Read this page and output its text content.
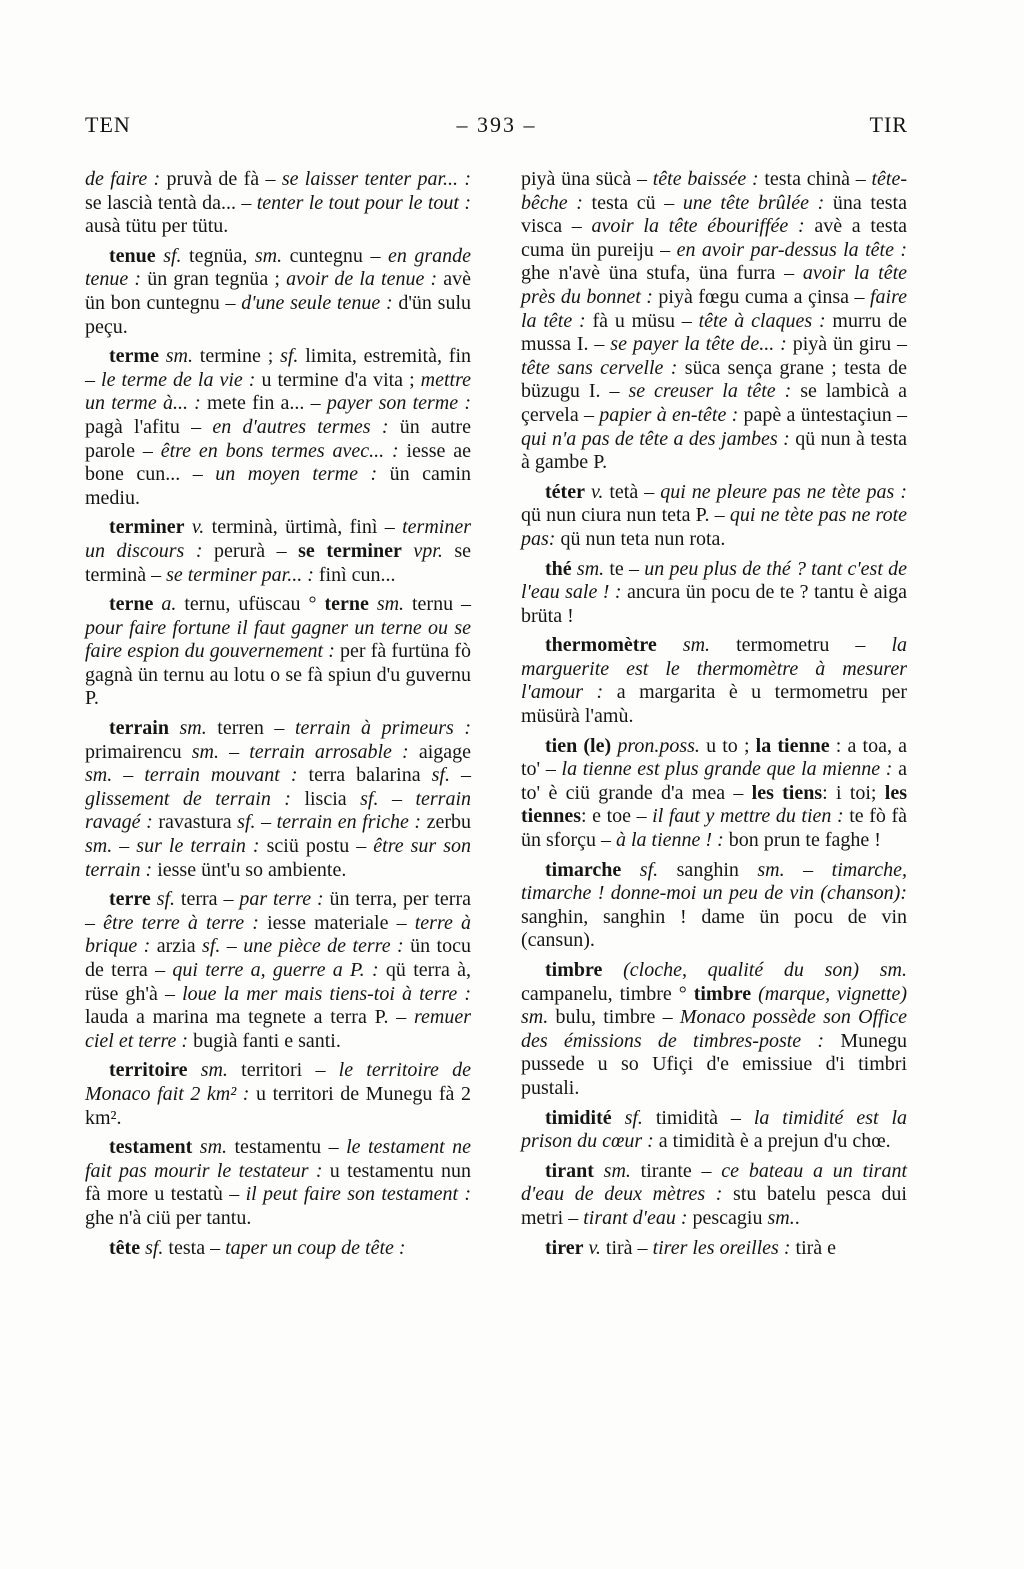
TEN	– 393 –	TIR

de faire : pruvà de fà – se laisser tenter par... : se lascià tentà da... – tenter le tout pour le tout : ausà tütu per tütu.

tenue sf. tegnüa, sm. cuntegnu – en grande tenue : ün gran tegnüa ; avoir de la tenue : avè ün bon cuntegnu – d'une seule tenue : d'ün sulu peçu.

terme sm. termine ; sf. limita, estremità, fin – le terme de la vie : u termine d'a vita ; mettre un terme à... : mete fin a... – payer son terme : pagà l'afitu – en d'autres termes : ün autre parole – être en bons termes avec... : iesse ae bone cun... – un moyen terme : ün camin mediu.

terminer v. terminà, ürtimà, finì – terminer un discours : perurà – se terminer vpr. se terminà – se terminer par... : finì cun...

terne a. ternu, ufüscau ° terne sm. ternu – pour faire fortune il faut gagner un terne ou se faire espion du gouvernement : per fà furtüna fò gagnà ün ternu au lotu o se fà spiun d'u guvernu P.

terrain sm. terren – terrain à primeurs : primairencu sm. – terrain arrosable : aigage sm. – terrain mouvant : terra balarina sf. – glissement de terrain : liscia sf. – terrain ravagé : ravastura sf. – terrain en friche : zerbu sm. – sur le terrain : sciü postu – être sur son terrain : iesse ünt'u so ambiente.

terre sf. terra – par terre : ün terra, per terra – être terre à terre : iesse materiale – terre à brique : arzia sf. – une pièce de terre : ün tocu de terra – qui terre a, guerre a P. : qü terra à, rüse gh'à – loue la mer mais tiens-toi à terre : lauda a marina ma tegnete a terra P. – remuer ciel et terre : bugià fanti e santi.

territoire sm. territori – le territoire de Monaco fait 2 km² : u territori de Munegu fà 2 km².

testament sm. testamentu – le testament ne fait pas mourir le testateur : u testamentu nun fà more u testatù – il peut faire son testament : ghe n'à ciü per tantu.

tête sf. testa – taper un coup de tête :

piyà üna sücà – tête baissée : testa chinà – tête-bêche : testa cü – une tête brûlée : üna testa visca – avoir la tête ébouriffée : avè a testa cuma ün pureiju – en avoir par-dessus la tête : ghe n'avè üna stufa, üna furra – avoir la tête près du bonnet : piyà fœgu cuma a çinsa – faire la tête : fà u müsu – tête à claques : murru de mussa I. – se payer la tête de... : piyà ün giru – tête sans cervelle : süca sença grane ; testa de büzugu I. – se creuser la tête : se lambicà a çervela – papier à en-tête : papè a üntestaçiun – qui n'a pas de tête a des jambes : qü nun à testa à gambe P.

téter v. tetà – qui ne pleure pas ne tète pas : qü nun ciura nun teta P. – qui ne tète pas ne rote pas: qü nun teta nun rota.

thé sm. te – un peu plus de thé ? tant c'est de l'eau sale ! : ancura ün pocu de te ? tantu è aiga brüta !

thermomètre sm. termometru – la marguerite est le thermomètre à mesurer l'amour : a margarita è u termometru per müsürà l'amù.

tien (le) pron.poss. u to ; la tienne : a toa, a to' – la tienne est plus grande que la mienne : a to' è ciü grande d'a mea – les tiens: i toi; les tiennes: e toe – il faut y mettre du tien : te fò fà ün sforçu – à la tienne ! : bon prun te faghe !

timarche sf. sanghin sm. – timarche, timarche ! donne-moi un peu de vin (chanson): sanghin, sanghin ! dame ün pocu de vin (cansun).

timbre (cloche, qualité du son) sm. campanelu, timbre ° timbre (marque, vignette) sm. bulu, timbre – Monaco possède son Office des émissions de timbres-poste : Munegu pussede u so Ufiçi d'e emissiue d'i timbri pustali.

timidité sf. timidità – la timidité est la prison du cœur : a timidità è a prejun d'u chœ.

tirant sm. tirante – ce bateau a un tirant d'eau de deux mètres : stu batelu pesca dui metri – tirant d'eau : pescagiu sm..

tirer v. tirà – tirer les oreilles : tirà e
